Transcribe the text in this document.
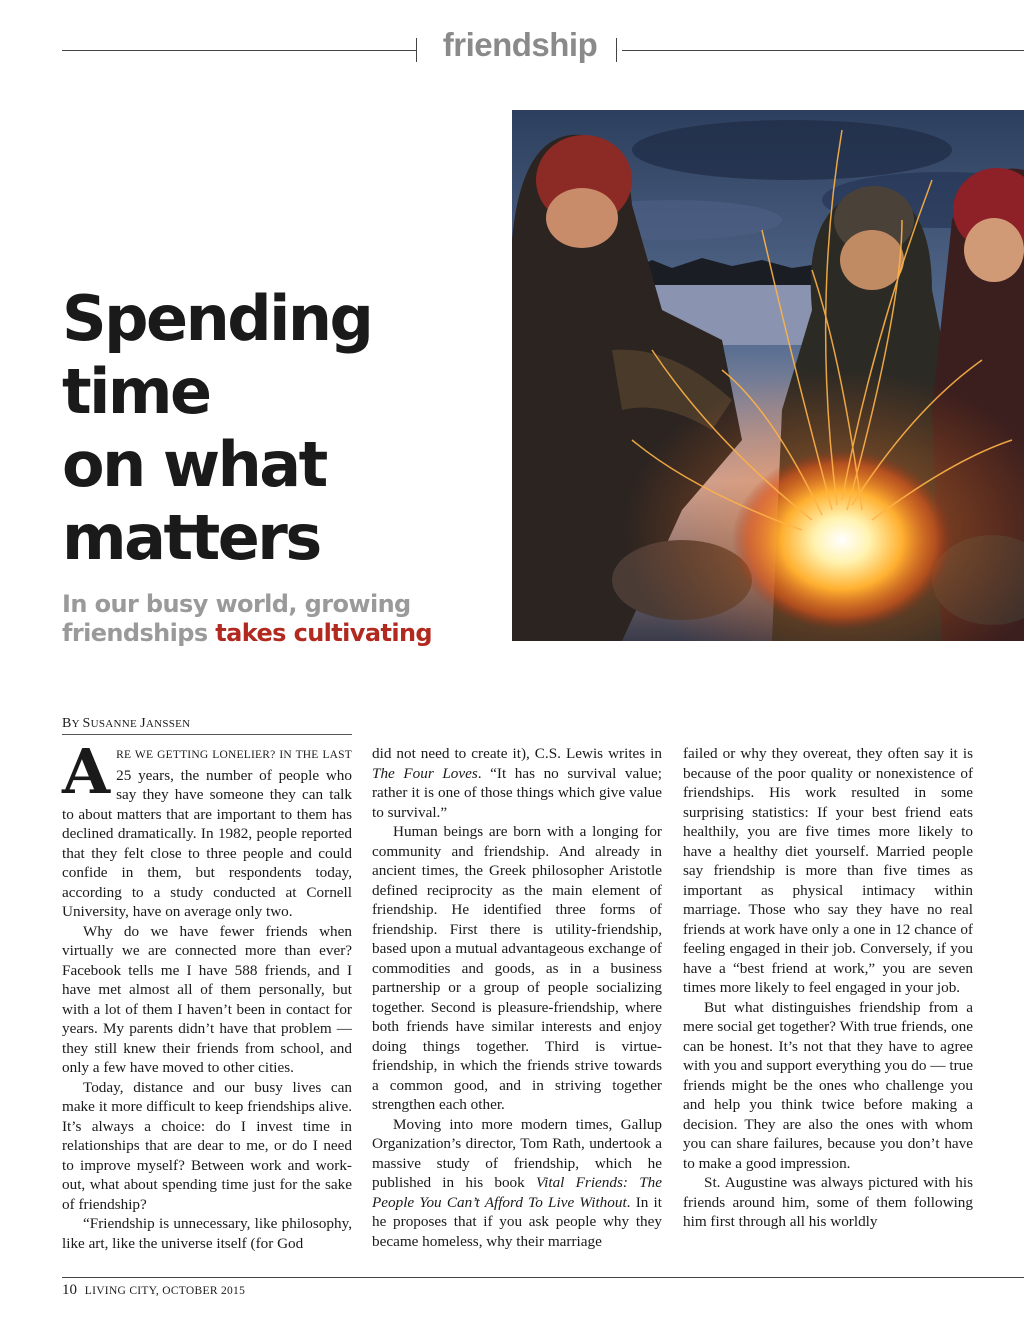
friendship
Spending
time
on what
matters

In our busy world, growing friendships takes cultivating

BY SUSANNE JANSSEN

ARE WE GETTING LONELIER? IN THE LAST 25 years, the number of people who say they have someone they can talk to about matters that are important to them has declined dramatically. In 1982, people reported that they felt close to three people and could confide in them, but respondents today, according to a study conducted at Cornell University, have on average only two.

Why do we have fewer friends when virtually we are connected more than ever? Facebook tells me I have 588 friends, and I have met almost all of them personally, but with a lot of them I haven’t been in contact for years. My parents didn’t have that problem — they still knew their friends from school, and only a few have moved to other cities.

Today, distance and our busy lives can make it more difficult to keep friendships alive. It’s always a choice: do I invest time in relationships that are dear to me, or do I need to improve myself? Between work and work-out, what about spending time just for the sake of friendship?

“Friendship is unnecessary, like philosophy, like art, like the universe itself (for God

did not need to create it), C.S. Lewis writes in The Four Loves. “It has no survival value; rather it is one of those things which give value to survival.”

Human beings are born with a longing for community and friendship. And already in ancient times, the Greek philosopher Aristotle defined reciprocity as the main element of friendship. He identified three forms of friendship. First there is utility-friendship, based upon a mutual advantageous exchange of commodities and goods, as in a business partnership or a group of people socializing together. Second is pleasure-friendship, where both friends have similar interests and enjoy doing things together. Third is virtue-friendship, in which the friends strive towards a common good, and in striving together strengthen each other.

Moving into more modern times, Gallup Organization’s director, Tom Rath, undertook a massive study of friendship, which he published in his book Vital Friends: The People You Can’t Afford To Live Without. In it he proposes that if you ask people why they became homeless, why their marriage

failed or why they overeat, they often say it is because of the poor quality or nonexistence of friendships. His work resulted in some surprising statistics: If your best friend eats healthily, you are five times more likely to have a healthy diet yourself. Married people say friendship is more than five times as important as physical intimacy within marriage. Those who say they have no real friends at work have only a one in 12 chance of feeling engaged in their job. Conversely, if you have a “best friend at work,” you are seven times more likely to feel engaged in your job.

But what distinguishes friendship from a mere social get together? With true friends, one can be honest. It’s not that they have to agree with you and support everything you do — true friends might be the ones who challenge you and help you think twice before making a decision. They are also the ones with whom you can share failures, because you don’t have to make a good impression.

St. Augustine was always pictured with his friends around him, some of them following him first through all his worldly

10 LIVING CITY, OCTOBER 2015
